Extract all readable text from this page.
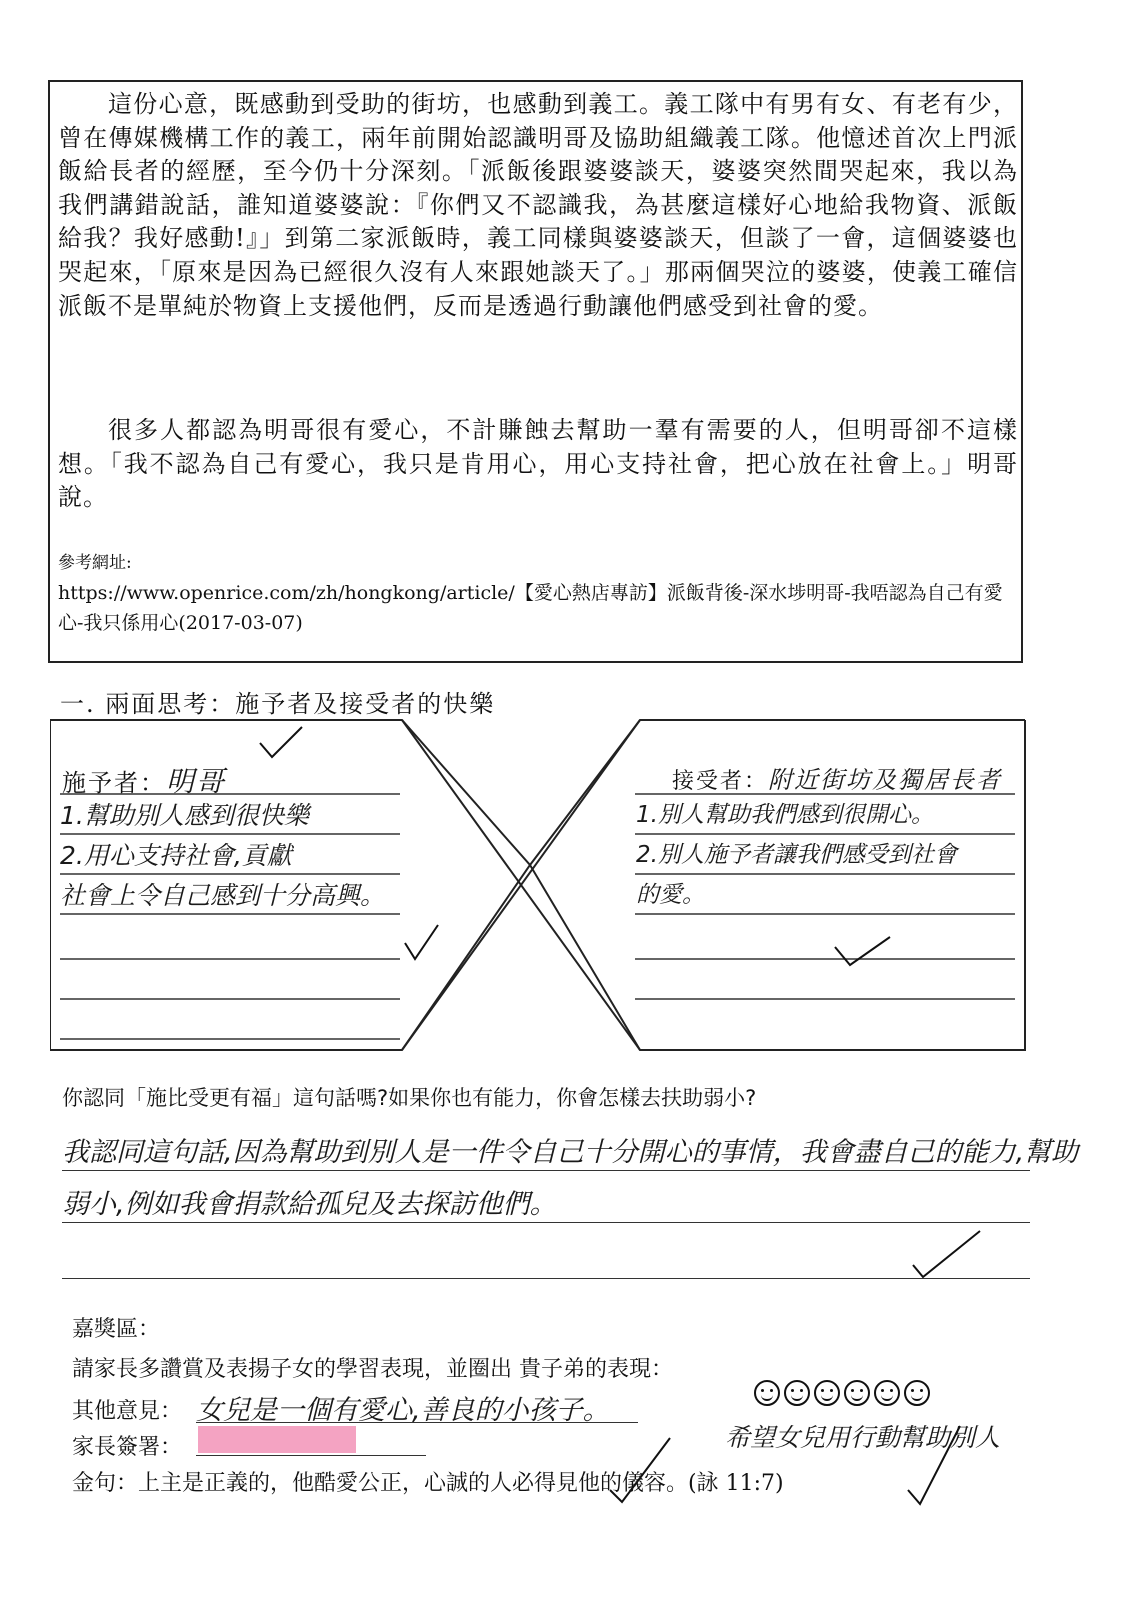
這份心意，既感動到受助的街坊，也感動到義工。義工隊中有男有女、有老有少，曾在傳媒機構工作的義工，兩年前開始認識明哥及協助組織義工隊。他憶述首次上門派飯給長者的經歷，至今仍十分深刻。「派飯後跟婆婆談天，婆婆突然間哭起來，我以為我們講錯說話，誰知道婆婆說：『你們又不認識我，為甚麼這樣好心地給我物資、派飯給我？我好感動!』」到第二家派飯時，義工同樣與婆婆談天，但談了一會，這個婆婆也哭起來，「原來是因為已經很久沒有人來跟她談天了。」那兩個哭泣的婆婆，使義工確信派飯不是單純於物資上支援他們，反而是透過行動讓他們感受到社會的愛。
很多人都認為明哥很有愛心，不計賺蝕去幫助一羣有需要的人，但明哥卻不這樣想。「我不認為自己有愛心，我只是肯用心，用心支持社會，把心放在社會上。」明哥說。
參考網址:
https://www.openrice.com/zh/hongkong/article/【愛心熱店專訪】派飯背後-深水埗明哥-我唔認為自己有愛心-我只係用心(2017-03-07)
一. 兩面思考：施予者及接受者的快樂
施予者：明哥
1.幫助別人感到很快樂
2.用心支持社會,貢獻
社會上令自己感到十分高興。
接受者：附近街坊及獨居長者
1.別人幫助我們感到很開心。
2.別人施予者讓我們感受到社會
的愛。
你認同「施比受更有福」這句話嗎?如果你也有能力，你會怎樣去扶助弱小?
我認同這句話,因為幫助到別人是一件令自己十分開心的事情，我會盡自己的能力,幫助
弱小,例如我會捐款給孤兒及去探訪他們。
嘉獎區：
請家長多讚賞及表揚子女的學習表現，並圈出 貴子弟的表現：
其他意見： 女兒是一個有愛心,善良的小孩子。
希望女兒用行動幫助別人
家長簽署：
金句：上主是正義的，他酷愛公正，心誠的人必得見他的儀容。(詠 11:7)
